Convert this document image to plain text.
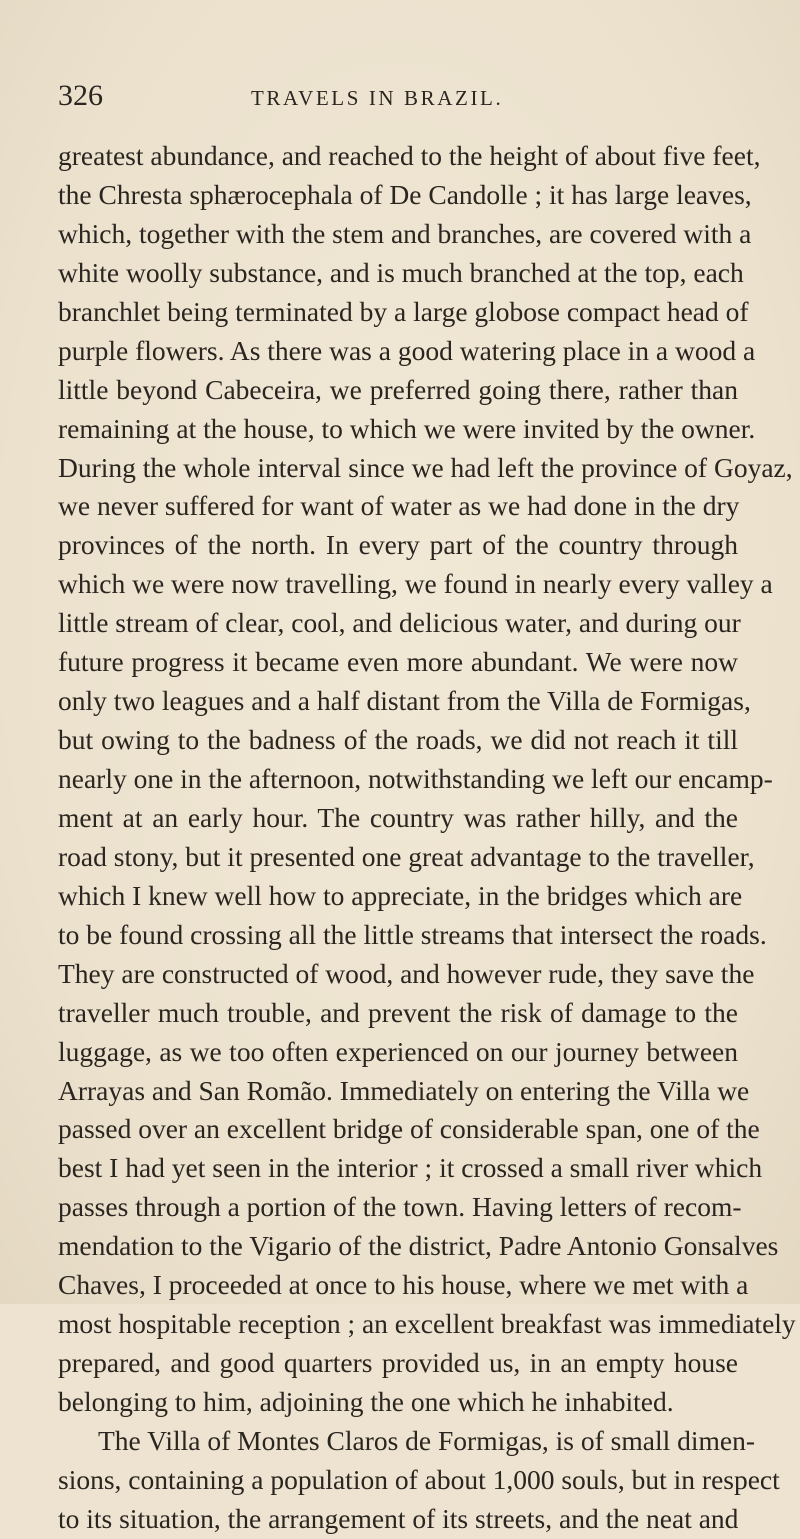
326	TRAVELS IN BRAZIL.
greatest abundance, and reached to the height of about five feet,
the Chresta sphærocephala of De Candolle ; it has large leaves,
which, together with the stem and branches, are covered with a
white woolly substance, and is much branched at the top, each
branchlet being terminated by a large globose compact head of
purple flowers. As there was a good watering place in a wood a
little beyond Cabeceira, we preferred going there, rather than
remaining at the house, to which we were invited by the owner.
During the whole interval since we had left the province of Goyaz,
we never suffered for want of water as we had done in the dry
provinces of the north. In every part of the country through
which we were now travelling, we found in nearly every valley a
little stream of clear, cool, and delicious water, and during our
future progress it became even more abundant. We were now
only two leagues and a half distant from the Villa de Formigas,
but owing to the badness of the roads, we did not reach it till
nearly one in the afternoon, notwithstanding we left our encamp-
ment at an early hour. The country was rather hilly, and the
road stony, but it presented one great advantage to the traveller,
which I knew well how to appreciate, in the bridges which are
to be found crossing all the little streams that intersect the roads.
They are constructed of wood, and however rude, they save the
traveller much trouble, and prevent the risk of damage to the
luggage, as we too often experienced on our journey between
Arrayas and San Romão. Immediately on entering the Villa we
passed over an excellent bridge of considerable span, one of the
best I had yet seen in the interior ; it crossed a small river which
passes through a portion of the town. Having letters of recom-
mendation to the Vigario of the district, Padre Antonio Gonsalves
Chaves, I proceeded at once to his house, where we met with a
most hospitable reception ; an excellent breakfast was immediately
prepared, and good quarters provided us, in an empty house
belonging to him, adjoining the one which he inhabited.
The Villa of Montes Claros de Formigas, is of small dimen-
sions, containing a population of about 1,000 souls, but in respect
to its situation, the arrangement of its streets, and the neat and
